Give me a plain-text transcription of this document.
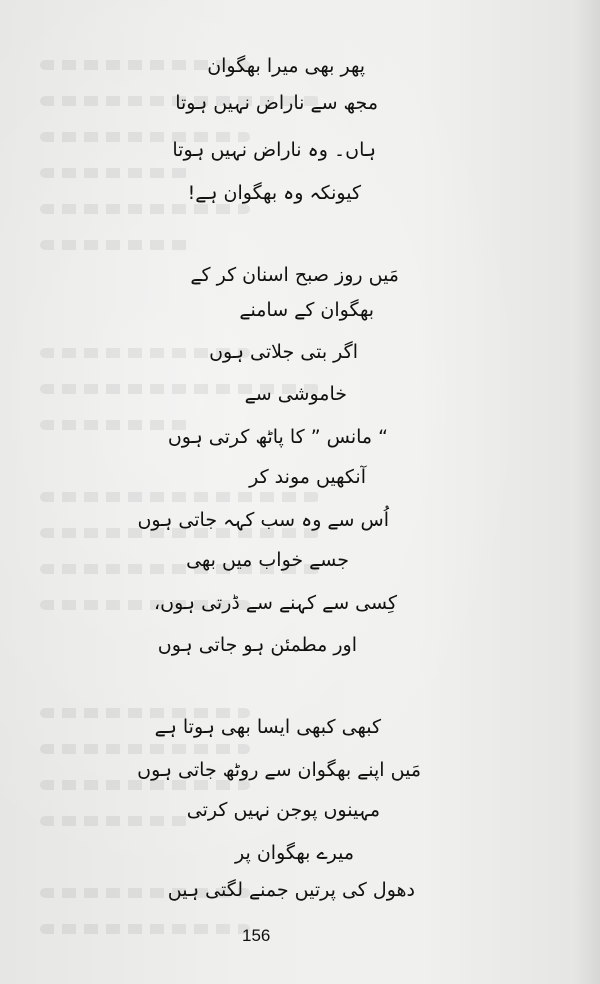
پھر بھی میرا بھگوان
مجھ سے ناراض نہیں ہوتا
ہاں۔ وہ ناراض نہیں ہوتا
کیونکہ وہ بھگوان ہے!
مَیں روز صبح اسنان کر کے
بھگوان کے سامنے
اگر بتی جلاتی ہوں
خاموشی سے
“ مانس ” کا پاٹھ کرتی ہوں
آنکھیں موند کر
اُس سے وہ سب کہہ جاتی ہوں
جسے خواب میں بھی
کِسی سے کہنے سے ڈرتی ہوں،
اور مطمئن ہو جاتی ہوں
کبھی کبھی ایسا بھی ہوتا ہے
مَیں اپنے بھگوان سے روٹھ جاتی ہوں
مہینوں پوجن نہیں کرتی
میرے بھگوان پر
دھول کی پرتیں جمنے لگتی ہیں
156
